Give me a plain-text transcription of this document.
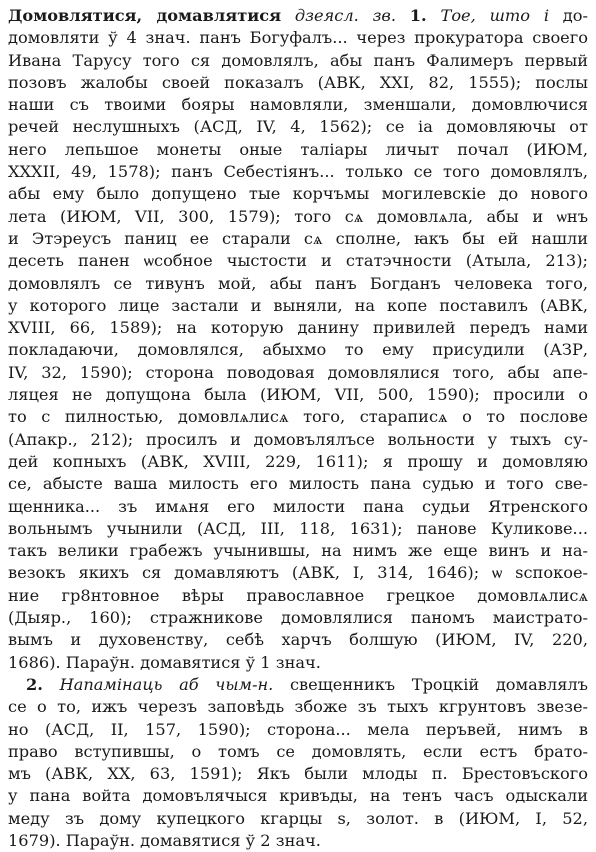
Домовлятися, домавлятися дзеясл. зв. 1. Тое, што і до-
домовляти ў 4 знач. панъ Богуфалъ... через прокуратора своего
Ивана Тарусу того ся домовлялъ, абы панъ Фалимеръ первый
позовъ жалобы своей показалъ (АВК, XXI, 82, 1555); послы
наши съ твоими бояры намовляли, зменшали, домовлючися
речей неслушныхъ (АСД, IV, 4, 1562); се іа домовляючы от
него лепьшое монеты оные таліары личыт почал (ИЮМ,
XXXII, 49, 1578); панъ Себестіянъ... только се того домовлялъ,
абы ему было допущено тые корчъмы могилевскіе до нового
лета (ИЮМ, VII, 300, 1579); того сѧ домовлѧла, абы и ѡнъ
и Этэреусъ паниц ее старали сѧ сполне, ꙗкъ бы ей нашли
десеть панен ѡсобное чыстости и статэчности (Атыла, 213);
домовлялъ се тивунъ мой, абы панъ Богданъ человека того,
у которого лице застали и выняли, на копе поставилъ (АВК,
XVIII, 66, 1589); на которую данину привилей передъ нами
покладаючи, домовлялся, абыхмо то ему присудили (АЗР,
IV, 32, 1590); сторона поводовая домовлялися того, абы апе-
ляцея не допущона была (ИЮМ, VII, 500, 1590); просили о
то с пилностью, домовлѧлисѧ того, стараписѧ о то послове
(Апакр., 212); просилъ и домовълялъсе вольности у тыхъ су-
дей копныхъ (АВК, XVIII, 229, 1611); я прошу и домовляю
се, абысте ваша милость его милость пана судью и того све-
щенника... зъ имѧня его милости пана судьи Ятренского
вольнымъ учынили (АСД, III, 118, 1631); панове Куликове...
такъ велики грабежъ учынившы, на нимъ же еще винъ и на-
везокъ якихъ ся домавляютъ (АВК, I, 314, 1646); ѡ ѕспокое-
ние гр8нтовное вѣры православное грецкое домовлѧлисѧ
(Дыяр., 160); стражникове домовлялися паномъ маистрато-
вымъ и духовенству, себѣ харчъ болшую (ИЮМ, IV, 220,
1686). Параўн. домавятися ў 1 знач.
2. Напамінаць аб чым-н. свещенникъ Троцкій домавлялъ
се о то, ижъ черезъ заповѣдь збоже зъ тыхъ кгрунтовъ звезе-
но (АСД, II, 157, 1590); сторона... мела перъвей, нимъ в
право вступившы, о томъ се домовлять, если естъ брато-
мъ (АВК, XX, 63, 1591); Якъ были млоды п. Брестовъского
у пана войта домовълячыся кривъды, на тенъ часъ одыскали
меду зъ дому купецкого кгарцы ѕ, золот. в (ИЮМ, I, 52,
1679). Параўн. домавятися ў 2 знач.
